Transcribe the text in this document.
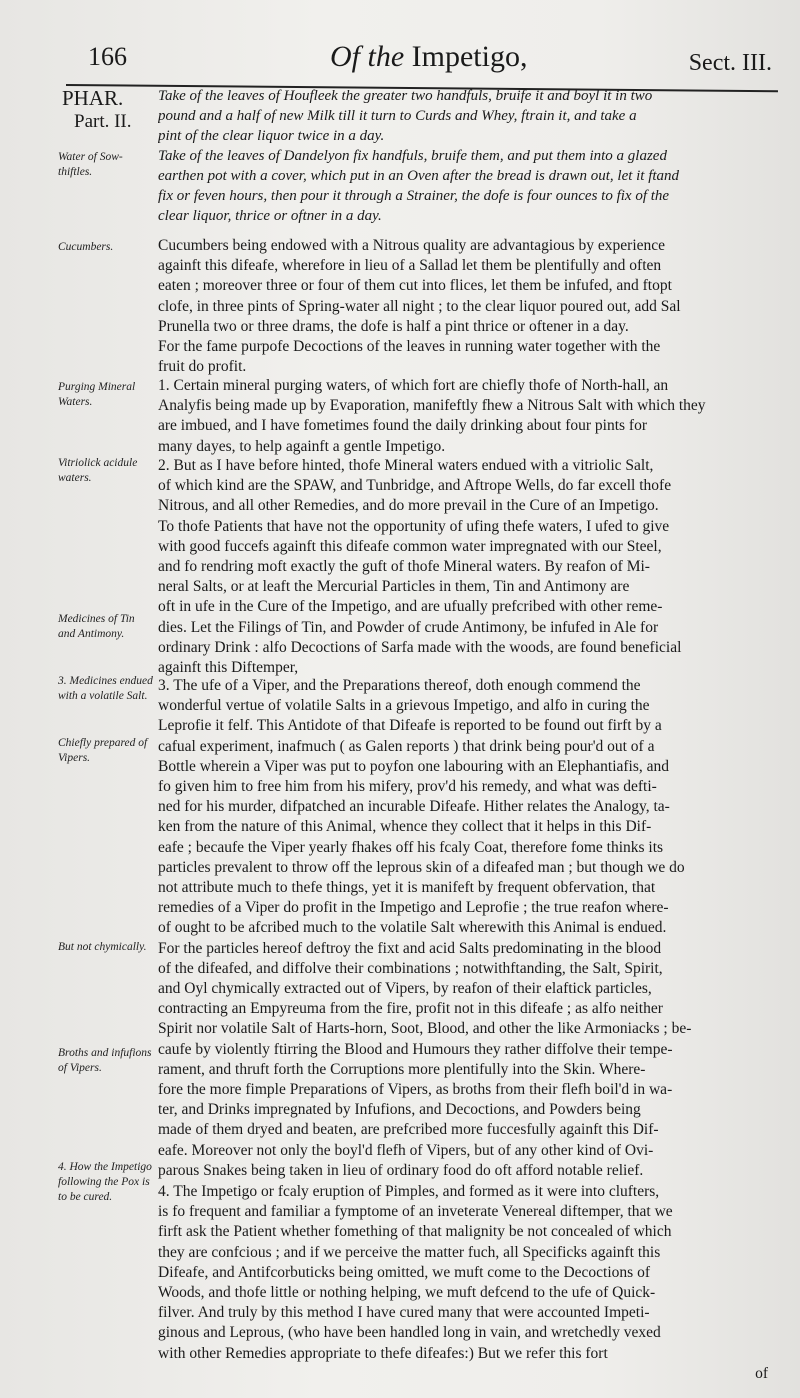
166	Of the Impetigo,	Sect. III.
PHAR.
Part. II.
Water of Sow-thiftles.
Cucumbers.
Purging Mineral Waters.
Vitriolick acidule waters.
Medicines of Tin and Antimony.
3. Medicines endued with a volatile Salt.
Chiefly prepared of Vipers.
But not chymically.
Broths and infufions of Vipers.
4. How the Impetigo following the Pox is to be cured.
Take of the leaves of Houfleek the greater two handfuls, bruife it and boyl it in two
pound and a half of new Milk till it turn to Curds and Whey, ftrain it, and take a
pint of the clear liquor twice in a day.
Take of the leaves of Dandelyon fix handfuls, bruife them, and put them into a glazed
earthen pot with a cover, which put in an Oven after the bread is drawn out, let it ftand
fix or feven hours, then pour it through a Strainer, the dofe is four ounces to fix of the
clear liquor, thrice or oftner in a day.
Cucumbers being endowed with a Nitrous quality are advantagious by experience
againft this difeafe, wherefore in lieu of a Sallad let them be plentifully and often
eaten ; moreover three or four of them cut into flices, let them be infufed, and ftopt
clofe, in three pints of Spring-water all night ; to the clear liquor poured out, add Sal
Prunella two or three drams, the dofe is half a pint thrice or oftener in a day.
For the fame purpofe Decoctions of the leaves in running water together with the
fruit do profit.
1. Certain mineral purging waters, of which fort are chiefly thofe of North-hall, an
Analyfis being made up by Evaporation, manifeftly fhew a Nitrous Salt with which they
are imbued, and I have fometimes found the daily drinking about four pints for
many dayes, to help againft a gentle Impetigo.
2. But as I have before hinted, thofe Mineral waters endued with a vitriolic Salt,
of which kind are the SPAW, and Tunbridge, and Aftrope Wells, do far excell thofe
Nitrous, and all other Remedies, and do more prevail in the Cure of an Impetigo.
To thofe Patients that have not the opportunity of ufing thefe waters, I ufed to give
with good fuccefs againft this difeafe common water impregnated with our Steel,
and fo rendring moft exactly the guft of thofe Mineral waters. By reafon of Mi-
neral Salts, or at leaft the Mercurial Particles in them, Tin and Antimony are
oft in ufe in the Cure of the Impetigo, and are ufually prefcribed with other reme-
dies. Let the Filings of Tin, and Powder of crude Antimony, be infufed in Ale for
ordinary Drink : alfo Decoctions of Sarfa made with the woods, are found beneficial
againft this Diftemper,
3. The ufe of a Viper, and the Preparations thereof, doth enough commend the
wonderful vertue of volatile Salts in a grievous Impetigo, and alfo in curing the
Leprofie it felf. This Antidote of that Difeafe is reported to be found out firft by a
cafual experiment, inafmuch ( as Galen reports ) that drink being pour'd out of a
Bottle wherein a Viper was put to poyfon one labouring with an Elephantiafis, and
fo given him to free him from his mifery, prov'd his remedy, and what was defti-
ned for his murder, difpatched an incurable Difeafe. Hither relates the Analogy, ta-
ken from the nature of this Animal, whence they collect that it helps in this Dif-
eafe ; becaufe the Viper yearly fhakes off his fcaly Coat, therefore fome thinks its
particles prevalent to throw off the leprous skin of a difeafed man ; but though we do
not attribute much to thefe things, yet it is manifeft by frequent obfervation, that
remedies of a Viper do profit in the Impetigo and Leprofie ; the true reafon where-
of ought to be afcribed much to the volatile Salt wherewith this Animal is endued.
For the particles hereof deftroy the fixt and acid Salts predominating in the blood
of the difeafed, and diffolve their combinations ; notwithftanding, the Salt, Spirit,
and Oyl chymically extracted out of Vipers, by reafon of their elaftick particles,
contracting an Empyreuma from the fire, profit not in this difeafe ; as alfo neither
Spirit nor volatile Salt of Harts-horn, Soot, Blood, and other the like Armoniacks ; be-
caufe by violently ftirring the Blood and Humours they rather diffolve their tempe-
rament, and thruft forth the Corruptions more plentifully into the Skin. Where-
fore the more fimple Preparations of Vipers, as broths from their flefh boil'd in wa-
ter, and Drinks impregnated by Infufions, and Decoctions, and Powders being
made of them dryed and beaten, are prefcribed more fuccesfully againft this Dif-
eafe. Moreover not only the boyl'd flefh of Vipers, but of any other kind of Ovi-
parous Snakes being taken in lieu of ordinary food do oft afford notable relief.
4. The Impetigo or fcaly eruption of Pimples, and formed as it were into clufters,
is fo frequent and familiar a fymptome of an inveterate Venereal diftemper, that we
firft ask the Patient whether fomething of that malignity be not concealed of which
they are confcious ; and if we perceive the matter fuch, all Specificks againft this
Difeafe, and Antifcorbuticks being omitted, we muft come to the Decoctions of
Woods, and thofe little or nothing helping, we muft defcend to the ufe of Quick-
filver. And truly by this method I have cured many that were accounted Impeti-
ginous and Leprous, (who have been handled long in vain, and wretchedly vexed
with other Remedies appropriate to thefe difeafes:) But we refer this fort
of
